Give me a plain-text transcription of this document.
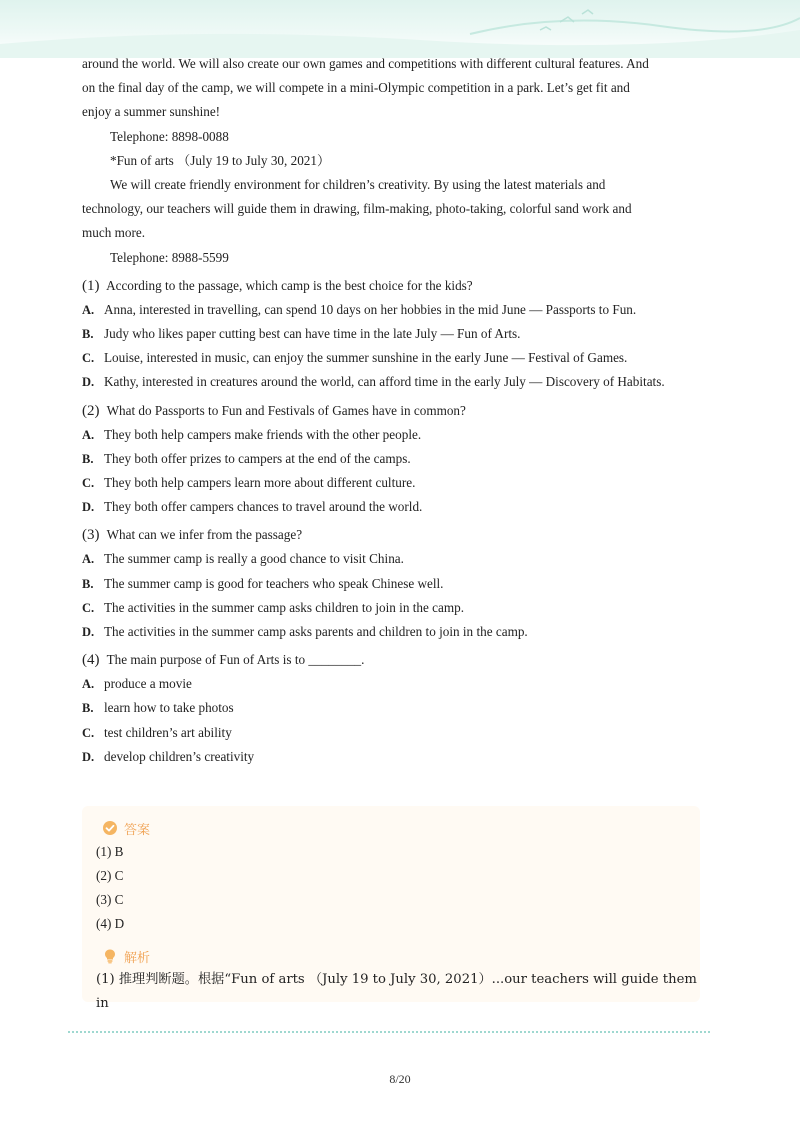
around the world. We will also create our own games and competitions with different cultural features. And

on the final day of the camp, we will compete in a mini-Olympic competition in a park. Let’s get fit and

enjoy a summer sunshine!

Telephone: 8898-0088

*Fun of arts （July 19 to July 30, 2021）

We will create friendly environment for children’s creativity. By using the latest materials and

technology, our teachers will guide them in drawing, film-making, photo-taking, colorful sand work and

much more.

Telephone: 8988-5599

(1) According to the passage, which camp is the best choice for the kids?
A. Anna, interested in travelling, can spend 10 days on her hobbies in the mid June — Passports to Fun.
B. Judy who likes paper cutting best can have time in the late July — Fun of Arts.
C. Louise, interested in music, can enjoy the summer sunshine in the early June — Festival of Games.
D. Kathy, interested in creatures around the world, can afford time in the early July — Discovery of Habitats.
(2) What do Passports to Fun and Festivals of Games have in common?
A. They both help campers make friends with the other people.
B. They both offer prizes to campers at the end of the camps.
C. They both help campers learn more about different culture.
D. They both offer campers chances to travel around the world.
(3) What can we infer from the passage?
A. The summer camp is really a good chance to visit China.
B. The summer camp is good for teachers who speak Chinese well.
C. The activities in the summer camp asks children to join in the camp.
D. The activities in the summer camp asks parents and children to join in the camp.
(4) The main purpose of Fun of Arts is to ________.
A. produce a movie
B. learn how to take photos
C. test children’s art ability
D. develop children’s creativity
答案
(1) B
(2) C
(3) C
(4) D
解析
(1) 推理判断题。根据“Fun of arts （July 19 to July 30, 2021）...our teachers will guide them in
8/20
